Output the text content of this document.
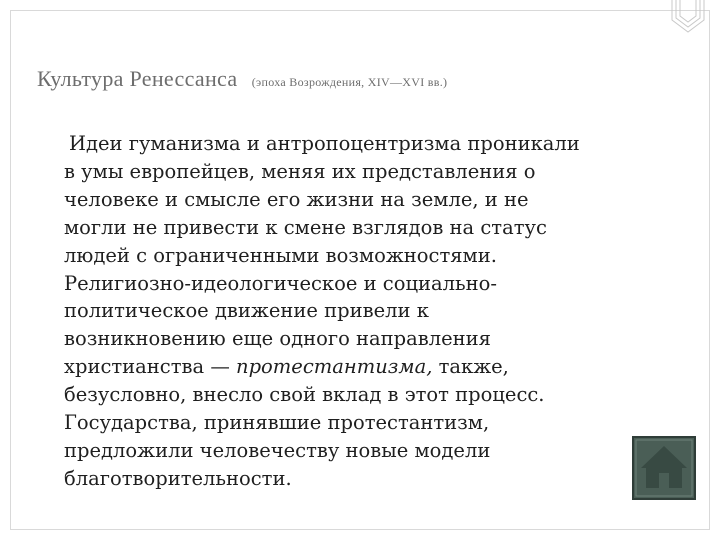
Культура Ренессанса (эпоха Возрождения, XIV—XVI вв.)
Идеи гуманизма и антропоцентризма проникали
в умы европейцев, меняя их представления о
человеке и смысле его жизни на земле, и не
могли не привести к смене взглядов на статус
людей с ограниченными возможностями.
Религиозно-идеологическое и социально-
политическое движение привели к
возникновению еще одного направления
христианства — протестантизма, также,
безусловно, внесло свой вклад в этот процесс.
Государства, принявшие протестантизм,
предложили человечеству новые модели
благотворительности.
